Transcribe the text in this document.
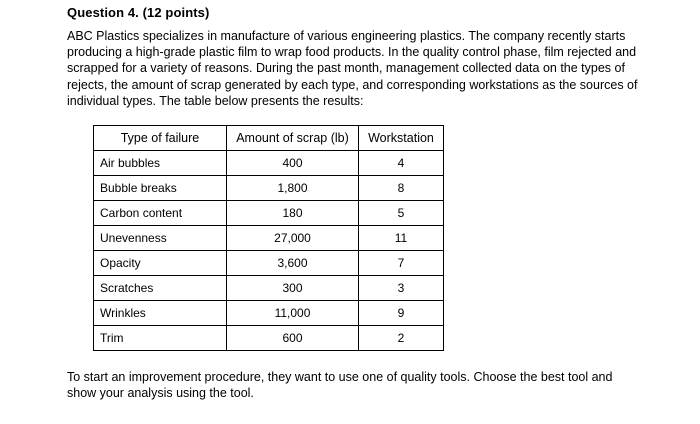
Question 4. (12 points)
ABC Plastics specializes in manufacture of various engineering plastics. The company recently starts
producing a high-grade plastic film to wrap food products. In the quality control phase, film rejected and
scrapped for a variety of reasons. During the past month, management collected data on the types of
rejects, the amount of scrap generated by each type, and corresponding workstations as the sources of
individual types. The table below presents the results:
Type of failure	Amount of scrap (lb)	Workstation
Air bubbles	400	4
Bubble breaks	1,800	8
Carbon content	180	5
Unevenness	27,000	11
Opacity	3,600	7
Scratches	300	3
Wrinkles	11,000	9
Trim	600	2
To start an improvement procedure, they want to use one of quality tools. Choose the best tool and
show your analysis using the tool.
